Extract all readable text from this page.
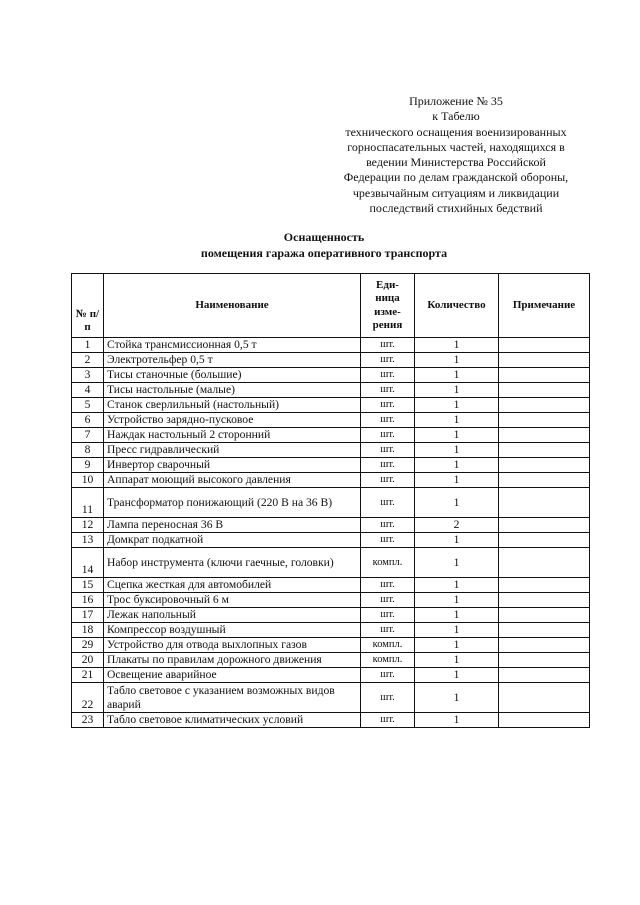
Приложение № 35
к Табелю
технического оснащения военизированных
горноспасательных частей, находящихся в
ведении Министерства Российской
Федерации по делам гражданской обороны,
чрезвычайным ситуациям и ликвидации
последствий стихийных бедствий
Оснащенность
помещения гаража оперативного транспорта
№ п/п	Наименование	Еди- ница изме- рения	Количество	Примечание
1	Стойка трансмиссионная 0,5 т	шт.	1	
2	Электротельфер 0,5 т	шт.	1	
3	Тисы станочные (большие)	шт.	1	
4	Тисы настольные (малые)	шт.	1	
5	Станок сверлильный (настольный)	шт.	1	
6	Устройство зарядно-пусковое	шт.	1	
7	Наждак настольный 2 сторонний	шт.	1	
8	Пресс гидравлический	шт.	1	
9	Инвертор сварочный	шт.	1	
10	Аппарат моющий высокого давления	шт.	1	
11	Трансформатор понижающий (220 В на 36 В)	шт.	1	
12	Лампа переносная 36 В	шт.	2	
13	Домкрат подкатной	шт.	1	
14	Набор инструмента (ключи гаечные, головки)	компл.	1	
15	Сцепка жесткая для автомобилей	шт.	1	
16	Трос буксировочный 6 м	шт.	1	
17	Лежак напольный	шт.	1	
18	Компрессор воздушный	шт.	1	
29	Устройство для отвода выхлопных газов	компл.	1	
20	Плакаты по правилам дорожного движения	компл.	1	
21	Освещение аварийное	шт.	1	
22	Табло световое с указанием возможных видов аварий	шт.	1	
23	Табло световое климатических условий	шт.	1	
